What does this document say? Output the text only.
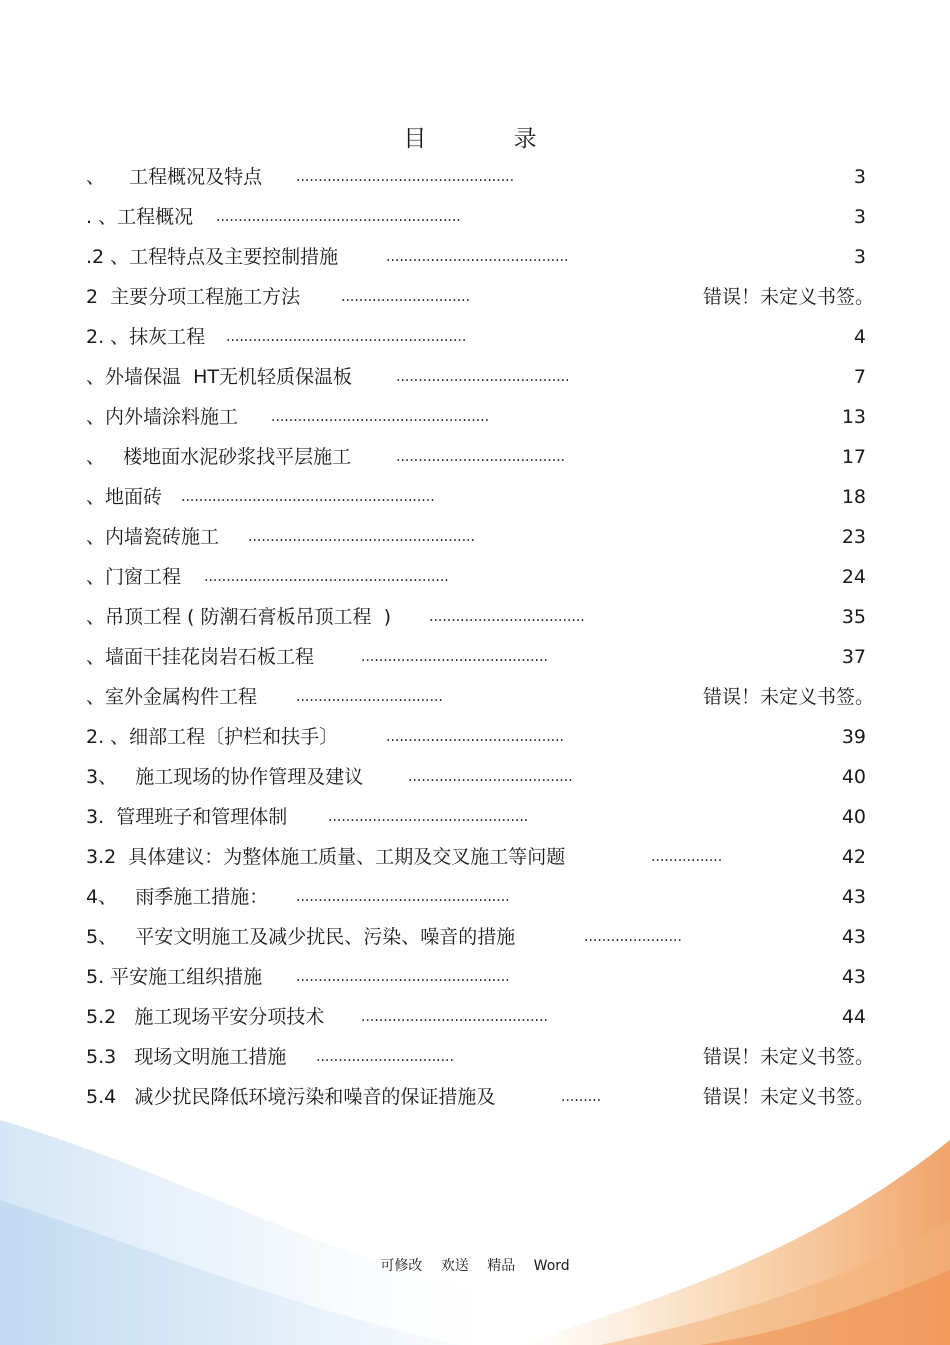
目 录
、    工程概况及特点 .................................................	3
. 、工程概况 .......................................................	3
.2 、工程特点及主要控制措施	.........................................	3
2  主要分项工程施工方法	.............................	错误！未定义书签。
2. 、抹灰工程 ......................................................	4
、外墙保温  HT无机轻质保温板	.......................................	7
、内外墙涂料施工 .................................................	13
、   楼地面水泥砂浆找平层施工	......................................	17
、地面砖 .........................................................	18
、内墙瓷砖施工 ...................................................	23
、门窗工程 .......................................................	24
、吊顶工程 ( 防潮石膏板吊顶工程  )	...................................	35
、墙面干挂花岗岩石板工程	..........................................	37
、室外金属构件工程	.................................	错误！未定义书签。
2. 、细部工程〔护栏和扶手〕	........................................	39
3、   施工现场的协作管理及建议	.....................................	40
3.  管理班子和管理体制	.............................................	40
3.2  具体建议：为整体施工质量、工期及交叉施工等问题	................	42
4、   雨季施工措施： ................................................	43
5、   平安文明施工及减少扰民、污染、噪音的措施	......................	43
5. 平安施工组织措施 ................................................	43
5.2   施工现场平安分项技术	..........................................	44
5.3   现场文明施工措施 ...............................	错误！未定义书签。
5.4   减少扰民降低环境污染和噪音的保证措施及	.........	错误！未定义书签。
可修改 欢送 精品 Word
